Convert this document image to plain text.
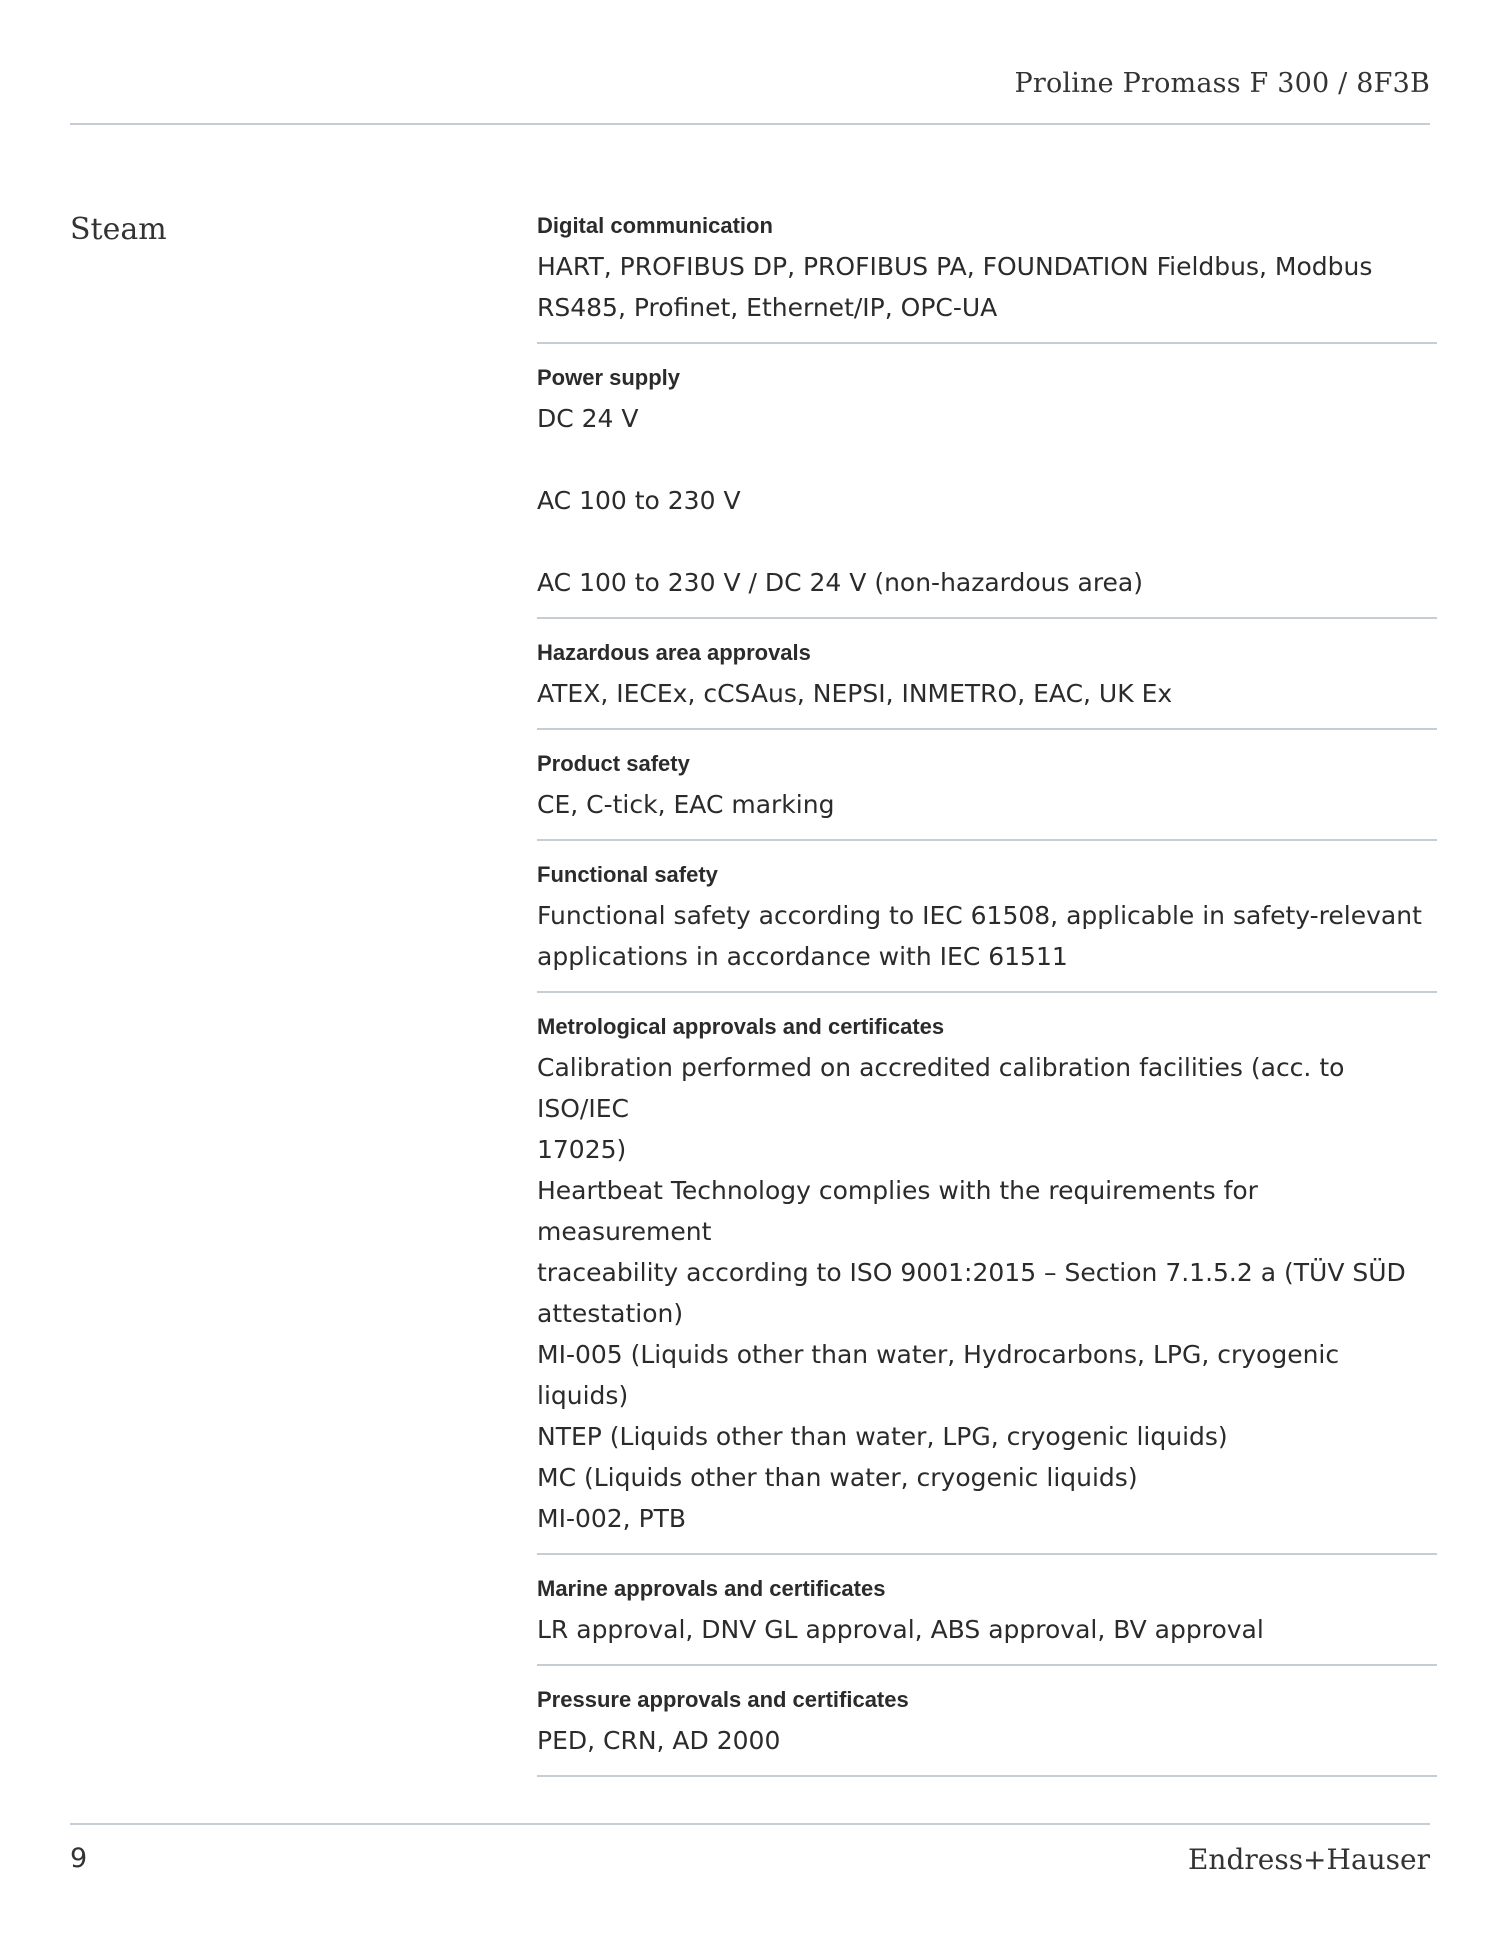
Proline Promass F 300 / 8F3B
Steam	Digital communication
HART, PROFIBUS DP, PROFIBUS PA, FOUNDATION Fieldbus, Modbus
RS485, Profinet, Ethernet/IP, OPC-UA
Power supply
DC 24 V
AC 100 to 230 V
AC 100 to 230 V / DC 24 V (non-hazardous area)
Hazardous area approvals
ATEX, IECEx, cCSAus, NEPSI, INMETRO, EAC, UK Ex
Product safety
CE, C-tick, EAC marking
Functional safety
Functional safety according to IEC 61508, applicable in safety-relevant
applications in accordance with IEC 61511
Metrological approvals and certificates
Calibration performed on accredited calibration facilities (acc. to ISO/IEC
17025)
Heartbeat Technology complies with the requirements for measurement
traceability according to ISO 9001:2015 – Section 7.1.5.2 a (TÜV SÜD
attestation)
MI-005 (Liquids other than water, Hydrocarbons, LPG, cryogenic liquids)
NTEP (Liquids other than water, LPG, cryogenic liquids)
MC (Liquids other than water, cryogenic liquids)
MI-002, PTB
Marine approvals and certificates
LR approval, DNV GL approval, ABS approval, BV approval
Pressure approvals and certificates
PED, CRN, AD 2000
9	Endress+Hauser
